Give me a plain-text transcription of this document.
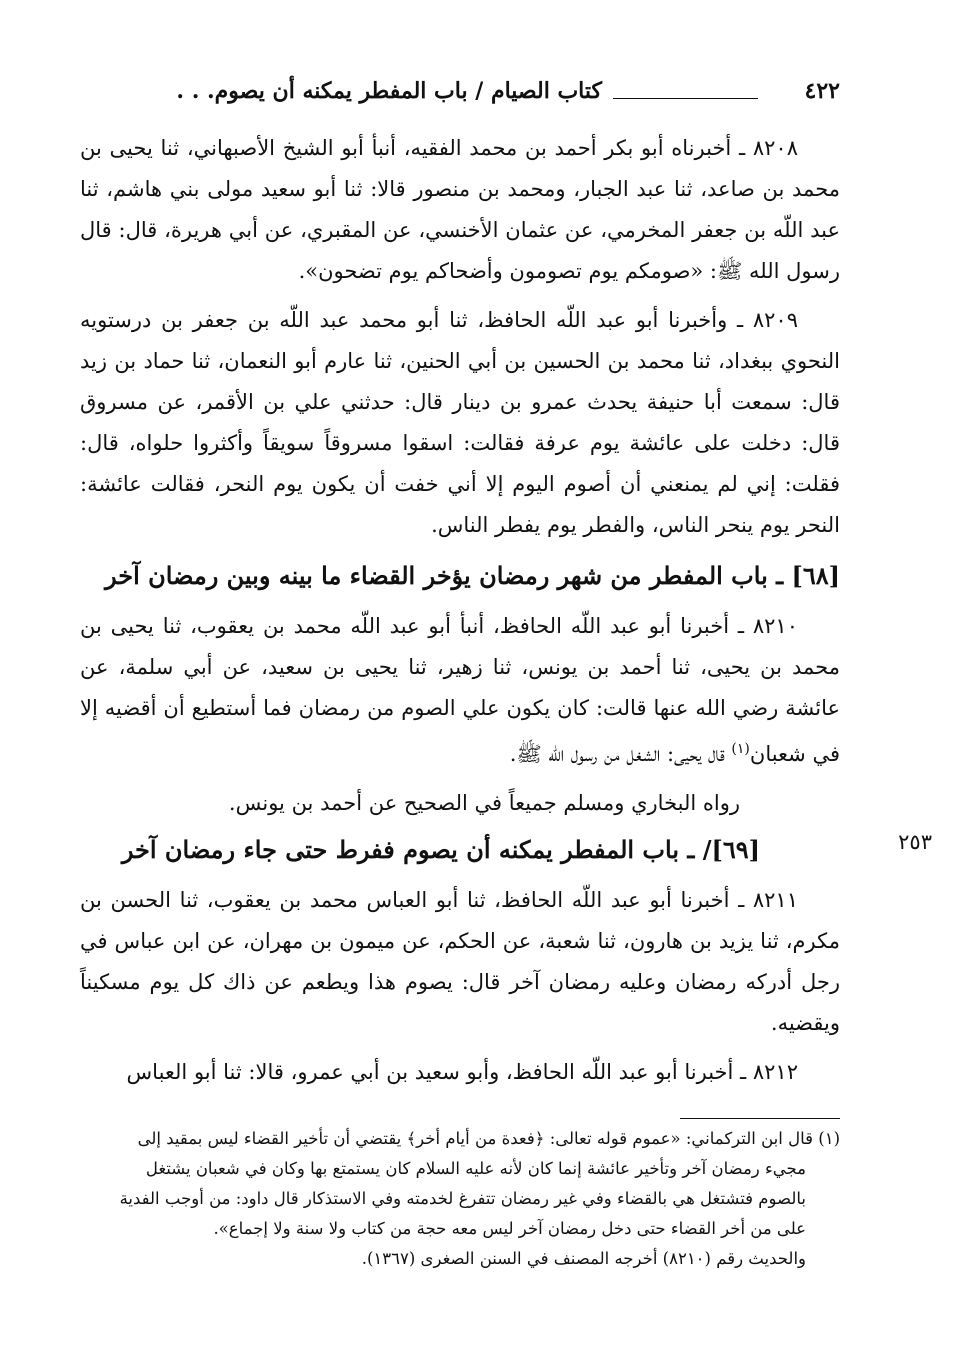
٤٢٢
كتاب الصيام / باب المفطر يمكنه أن يصوم. . .

٨٢٠٨ ـ أخبرناه أبو بكر أحمد بن محمد الفقيه، أنبأ أبو الشيخ الأصبهاني، ثنا يحيى بن محمد بن صاعد، ثنا عبد الجبار، ومحمد بن منصور قالا: ثنا أبو سعيد مولى بني هاشم، ثنا عبد اللّه بن جعفر المخرمي، عن عثمان الأخنسي، عن المقبري، عن أبي هريرة، قال: قال رسول الله ﷺ: «صومكم يوم تصومون وأضحاكم يوم تضحون».

٨٢٠٩ ـ وأخبرنا أبو عبد اللّه الحافظ، ثنا أبو محمد عبد اللّه بن جعفر بن درستويه النحوي ببغداد، ثنا محمد بن الحسين بن أبي الحنين، ثنا عارم أبو النعمان، ثنا حماد بن زيد قال: سمعت أبا حنيفة يحدث عمرو بن دينار قال: حدثني علي بن الأقمر، عن مسروق قال: دخلت على عائشة يوم عرفة فقالت: اسقوا مسروقاً سويقاً وأكثروا حلواه، قال: فقلت: إني لم يمنعني أن أصوم اليوم إلا أني خفت أن يكون يوم النحر، فقالت عائشة: النحر يوم ينحر الناس، والفطر يوم يفطر الناس.

[٦٨] ـ باب المفطر من شهر رمضان يؤخر القضاء ما بينه وبين رمضان آخر

٨٢١٠ ـ أخبرنا أبو عبد اللّه الحافظ، أنبأ أبو عبد اللّه محمد بن يعقوب، ثنا يحيى بن محمد بن يحيى، ثنا أحمد بن يونس، ثنا زهير، ثنا يحيى بن سعيد، عن أبي سلمة، عن عائشة رضي الله عنها قالت: كان يكون علي الصوم من رمضان فما أستطيع أن أقضيه إلا في شعبان$^{(١)}$ قال يحيى: الشغل من رسول الله ﷺ.

رواه البخاري ومسلم جميعاً في الصحيح عن أحمد بن يونس.

٢٥٣
[٦٩]/ ـ باب المفطر يمكنه أن يصوم ففرط حتى جاء رمضان آخر

٨٢١١ ـ أخبرنا أبو عبد اللّه الحافظ، ثنا أبو العباس محمد بن يعقوب، ثنا الحسن بن مكرم، ثنا يزيد بن هارون، ثنا شعبة، عن الحكم، عن ميمون بن مهران، عن ابن عباس في رجل أدركه رمضان وعليه رمضان آخر قال: يصوم هذا ويطعم عن ذاك كل يوم مسكيناً ويقضيه.

٨٢١٢ ـ أخبرنا أبو عبد اللّه الحافظ، وأبو سعيد بن أبي عمرو، قالا: ثنا أبو العباس

(١) قال ابن التركماني: «عموم قوله تعالى: ﴿فعدة من أيام أخر﴾ يقتضي أن تأخير القضاء ليس بمقيد إلى
مجيء رمضان آخر وتأخير عائشة إنما كان لأنه عليه السلام كان يستمتع بها وكان في شعبان يشتغل
بالصوم فتشتغل هي بالقضاء وفي غير رمضان تتفرغ لخدمته وفي الاستذكار قال داود: من أوجب الفدية
على من أخر القضاء حتى دخل رمضان آخر ليس معه حجة من كتاب ولا سنة ولا إجماع».
والحديث رقم (٨٢١٠) أخرجه المصنف في السنن الصغرى (١٣٦٧).
